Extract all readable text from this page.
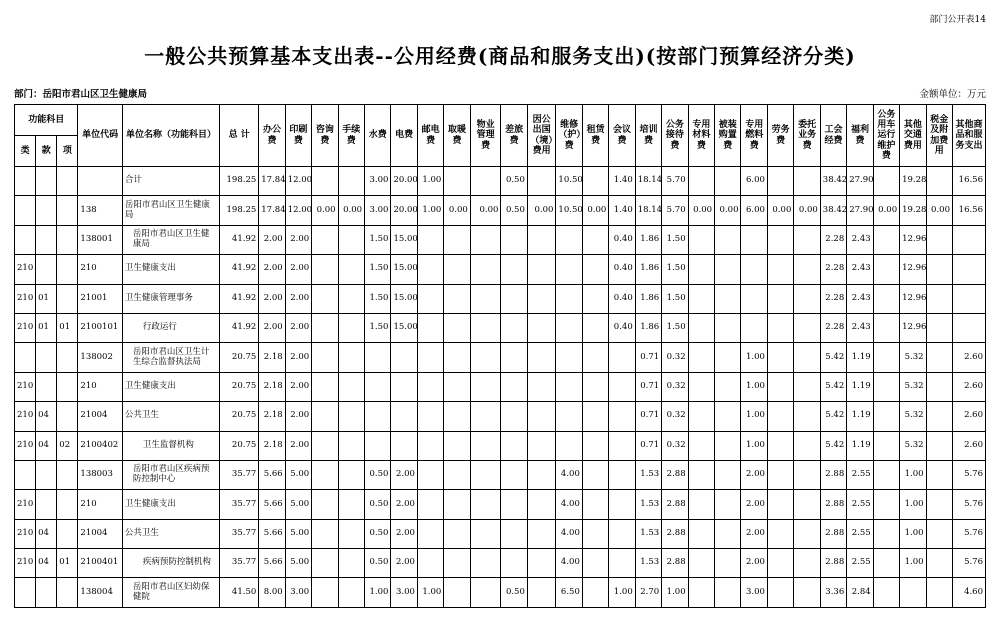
部门公开表14
一般公共预算基本支出表--公用经费(商品和服务支出)(按部门预算经济分类)
部门：岳阳市君山区卫生健康局	金额单位：万元
功能科目			单位代码	单位名称（功能科目）	总 计	办公费	印刷费	咨询费	手续费	水费	电费	邮电费	取暖费	物业管理费	差旅费	因公出国（境）费用	维修（护）费	租赁费	会议费	培训费	公务接待费	专用材料费	被装购置费	专用燃料费	劳务费	委托业务费	工会经费	福利费	公务用车运行维护费	其他交通费用	税金及附加费用	其他商品和服务支出
类	款	项																														
				合计	198.25	17.84	12.00			3.00	20.00	1.00			0.50		10.50		1.40	18.14	5.70			6.00			38.42	27.90		19.28		16.56
			138	岳阳市君山区卫生健康局	198.25	17.84	12.00	0.00	0.00	3.00	20.00	1.00	0.00	0.00	0.50	0.00	10.50	0.00	1.40	18.14	5.70	0.00	0.00	6.00	0.00	0.00	38.42	27.90	0.00	19.28	0.00	16.56
			138001	岳阳市君山区卫生健康局	41.92	2.00	2.00			1.50	15.00								0.40	1.86	1.50						2.28	2.43		12.96		
210			210	卫生健康支出	41.92	2.00	2.00			1.50	15.00								0.40	1.86	1.50						2.28	2.43		12.96		
210	01		21001	卫生健康管理事务	41.92	2.00	2.00			1.50	15.00								0.40	1.86	1.50						2.28	2.43		12.96		
210	01	01	2100101	行政运行	41.92	2.00	2.00			1.50	15.00								0.40	1.86	1.50						2.28	2.43		12.96		
			138002	岳阳市君山区卫生计生综合监督执法局	20.75	2.18	2.00													0.71	0.32			1.00			5.42	1.19		5.32		2.60
210			210	卫生健康支出	20.75	2.18	2.00													0.71	0.32			1.00			5.42	1.19		5.32		2.60
210	04		21004	公共卫生	20.75	2.18	2.00													0.71	0.32			1.00			5.42	1.19		5.32		2.60
210	04	02	2100402	卫生监督机构	20.75	2.18	2.00													0.71	0.32			1.00			5.42	1.19		5.32		2.60
			138003	岳阳市君山区疾病预防控制中心	35.77	5.66	5.00			0.50	2.00						4.00			1.53	2.88			2.00			2.88	2.55		1.00		5.76
210			210	卫生健康支出	35.77	5.66	5.00			0.50	2.00						4.00			1.53	2.88			2.00			2.88	2.55		1.00		5.76
210	04		21004	公共卫生	35.77	5.66	5.00			0.50	2.00						4.00			1.53	2.88			2.00			2.88	2.55		1.00		5.76
210	04	01	2100401	疾病预防控制机构	35.77	5.66	5.00			0.50	2.00						4.00			1.53	2.88			2.00			2.88	2.55		1.00		5.76
			138004	岳阳市君山区妇幼保健院	41.50	8.00	3.00			1.00	3.00	1.00			0.50		6.50		1.00	2.70	1.00			3.00			3.36	2.84				4.60
